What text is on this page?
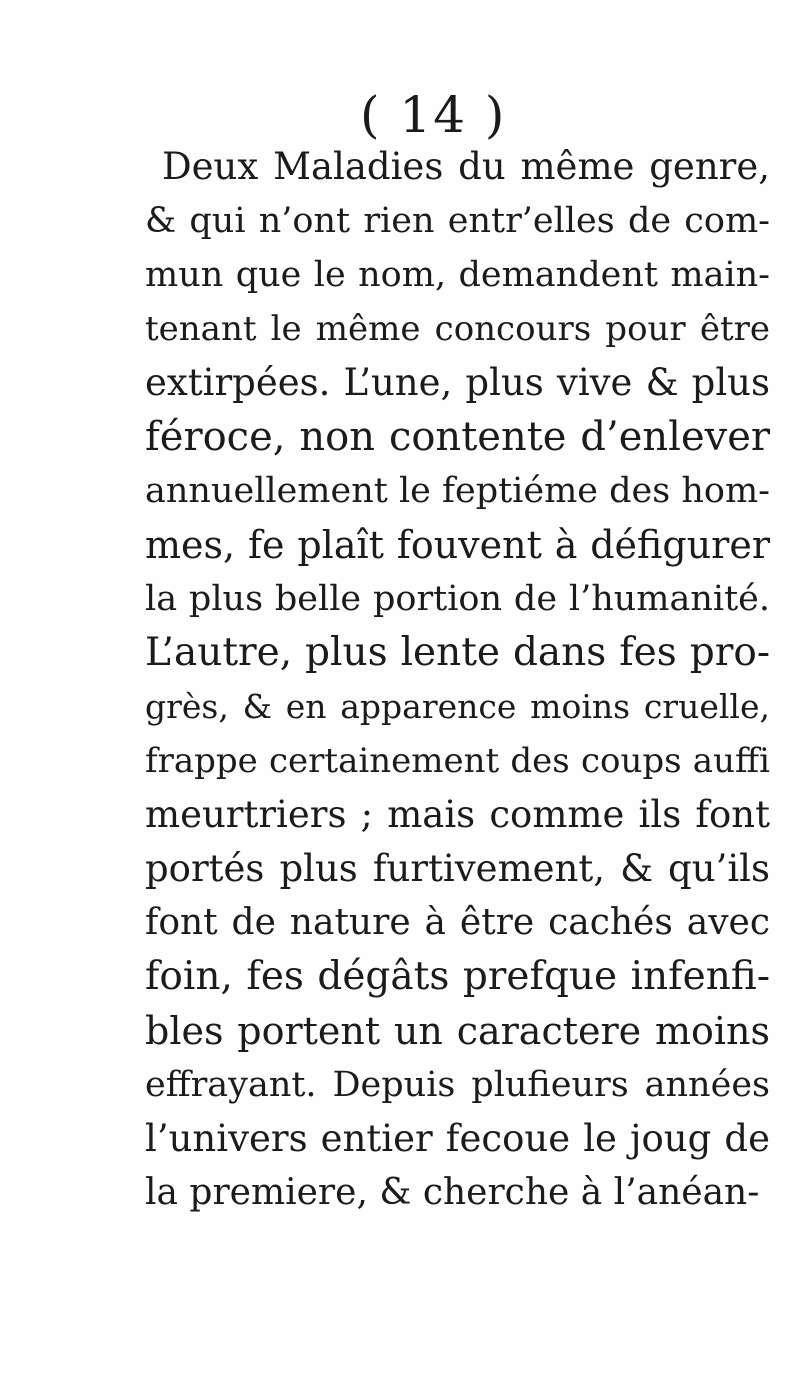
( 14 )
Deux Maladies du même genre,
& qui n’ont rien entr’elles de com-
mun que le nom, demandent main-
tenant le même concours pour être
extirpées. L’une, plus vive & plus
féroce, non contente d’enlever
annuellement le feptiéme des hom-
mes, fe plaît fouvent à défigurer
la plus belle portion de l’humanité.
L’autre, plus lente dans fes pro-
grès, & en apparence moins cruelle,
frappe certainement des coups auffi
meurtriers ; mais comme ils font
portés plus furtivement, & qu’ils
font de nature à être cachés avec
foin, fes dégâts prefque infenfi-
bles portent un caractere moins
effrayant. Depuis plufieurs années
l’univers entier fecoue le joug de
la premiere, & cherche à l’anéan-
